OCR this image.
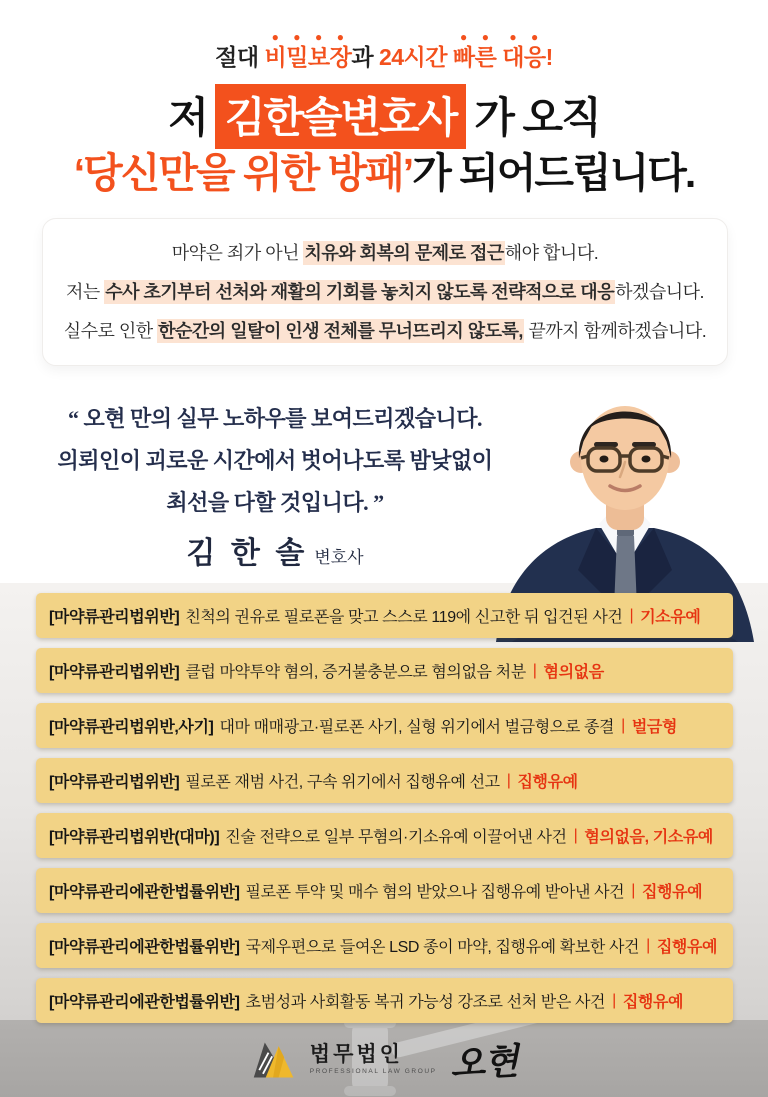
절대 비밀보장과 24시간 빠른 대응!
저 김한솔변호사 가 오직
‘당신만을 위한 방패’가 되어드립니다.
마약은 죄가 아닌 치유와 회복의 문제로 접근해야 합니다.
저는 수사 초기부터 선처와 재활의 기회를 놓치지 않도록 전략적으로 대응하겠습니다.
실수로 인한 한순간의 일탈이 인생 전체를 무너뜨리지 않도록, 끝까지 함께하겠습니다.
“ 오현 만의 실무 노하우를 보여드리겠습니다.
의뢰인이 괴로운 시간에서 벗어나도록 밤낮없이
최선을 다할 것입니다. ”
김 한 솔 변호사
[마약류관리법위반] 친척의 권유로 필로폰을 맞고 스스로 119에 신고한 뒤 입건된 사건 | 기소유예
[마약류관리법위반] 클럽 마약투약 혐의, 증거불충분으로 혐의없음 처분 | 혐의없음
[마약류관리법위반,사기] 대마 매매광고·필로폰 사기, 실형 위기에서 벌금형으로 종결 | 벌금형
[마약류관리법위반] 필로폰 재범 사건, 구속 위기에서 집행유예 선고 | 집행유예
[마약류관리법위반(대마)] 진술 전략으로 일부 무혐의·기소유예 이끌어낸 사건 | 혐의없음, 기소유예
[마약류관리에관한법률위반] 필로폰 투약 및 매수 혐의 받았으나 집행유예 받아낸 사건 | 집행유예
[마약류관리에관한법률위반] 국제우편으로 들여온 LSD 종이 마약, 집행유예 확보한 사건 | 집행유예
[마약류관리에관한법률위반] 초범성과 사회활동 복귀 가능성 강조로 선처 받은 사건 | 집행유예
법무법인
PROFESSIONAL LAW GROUP 오현
